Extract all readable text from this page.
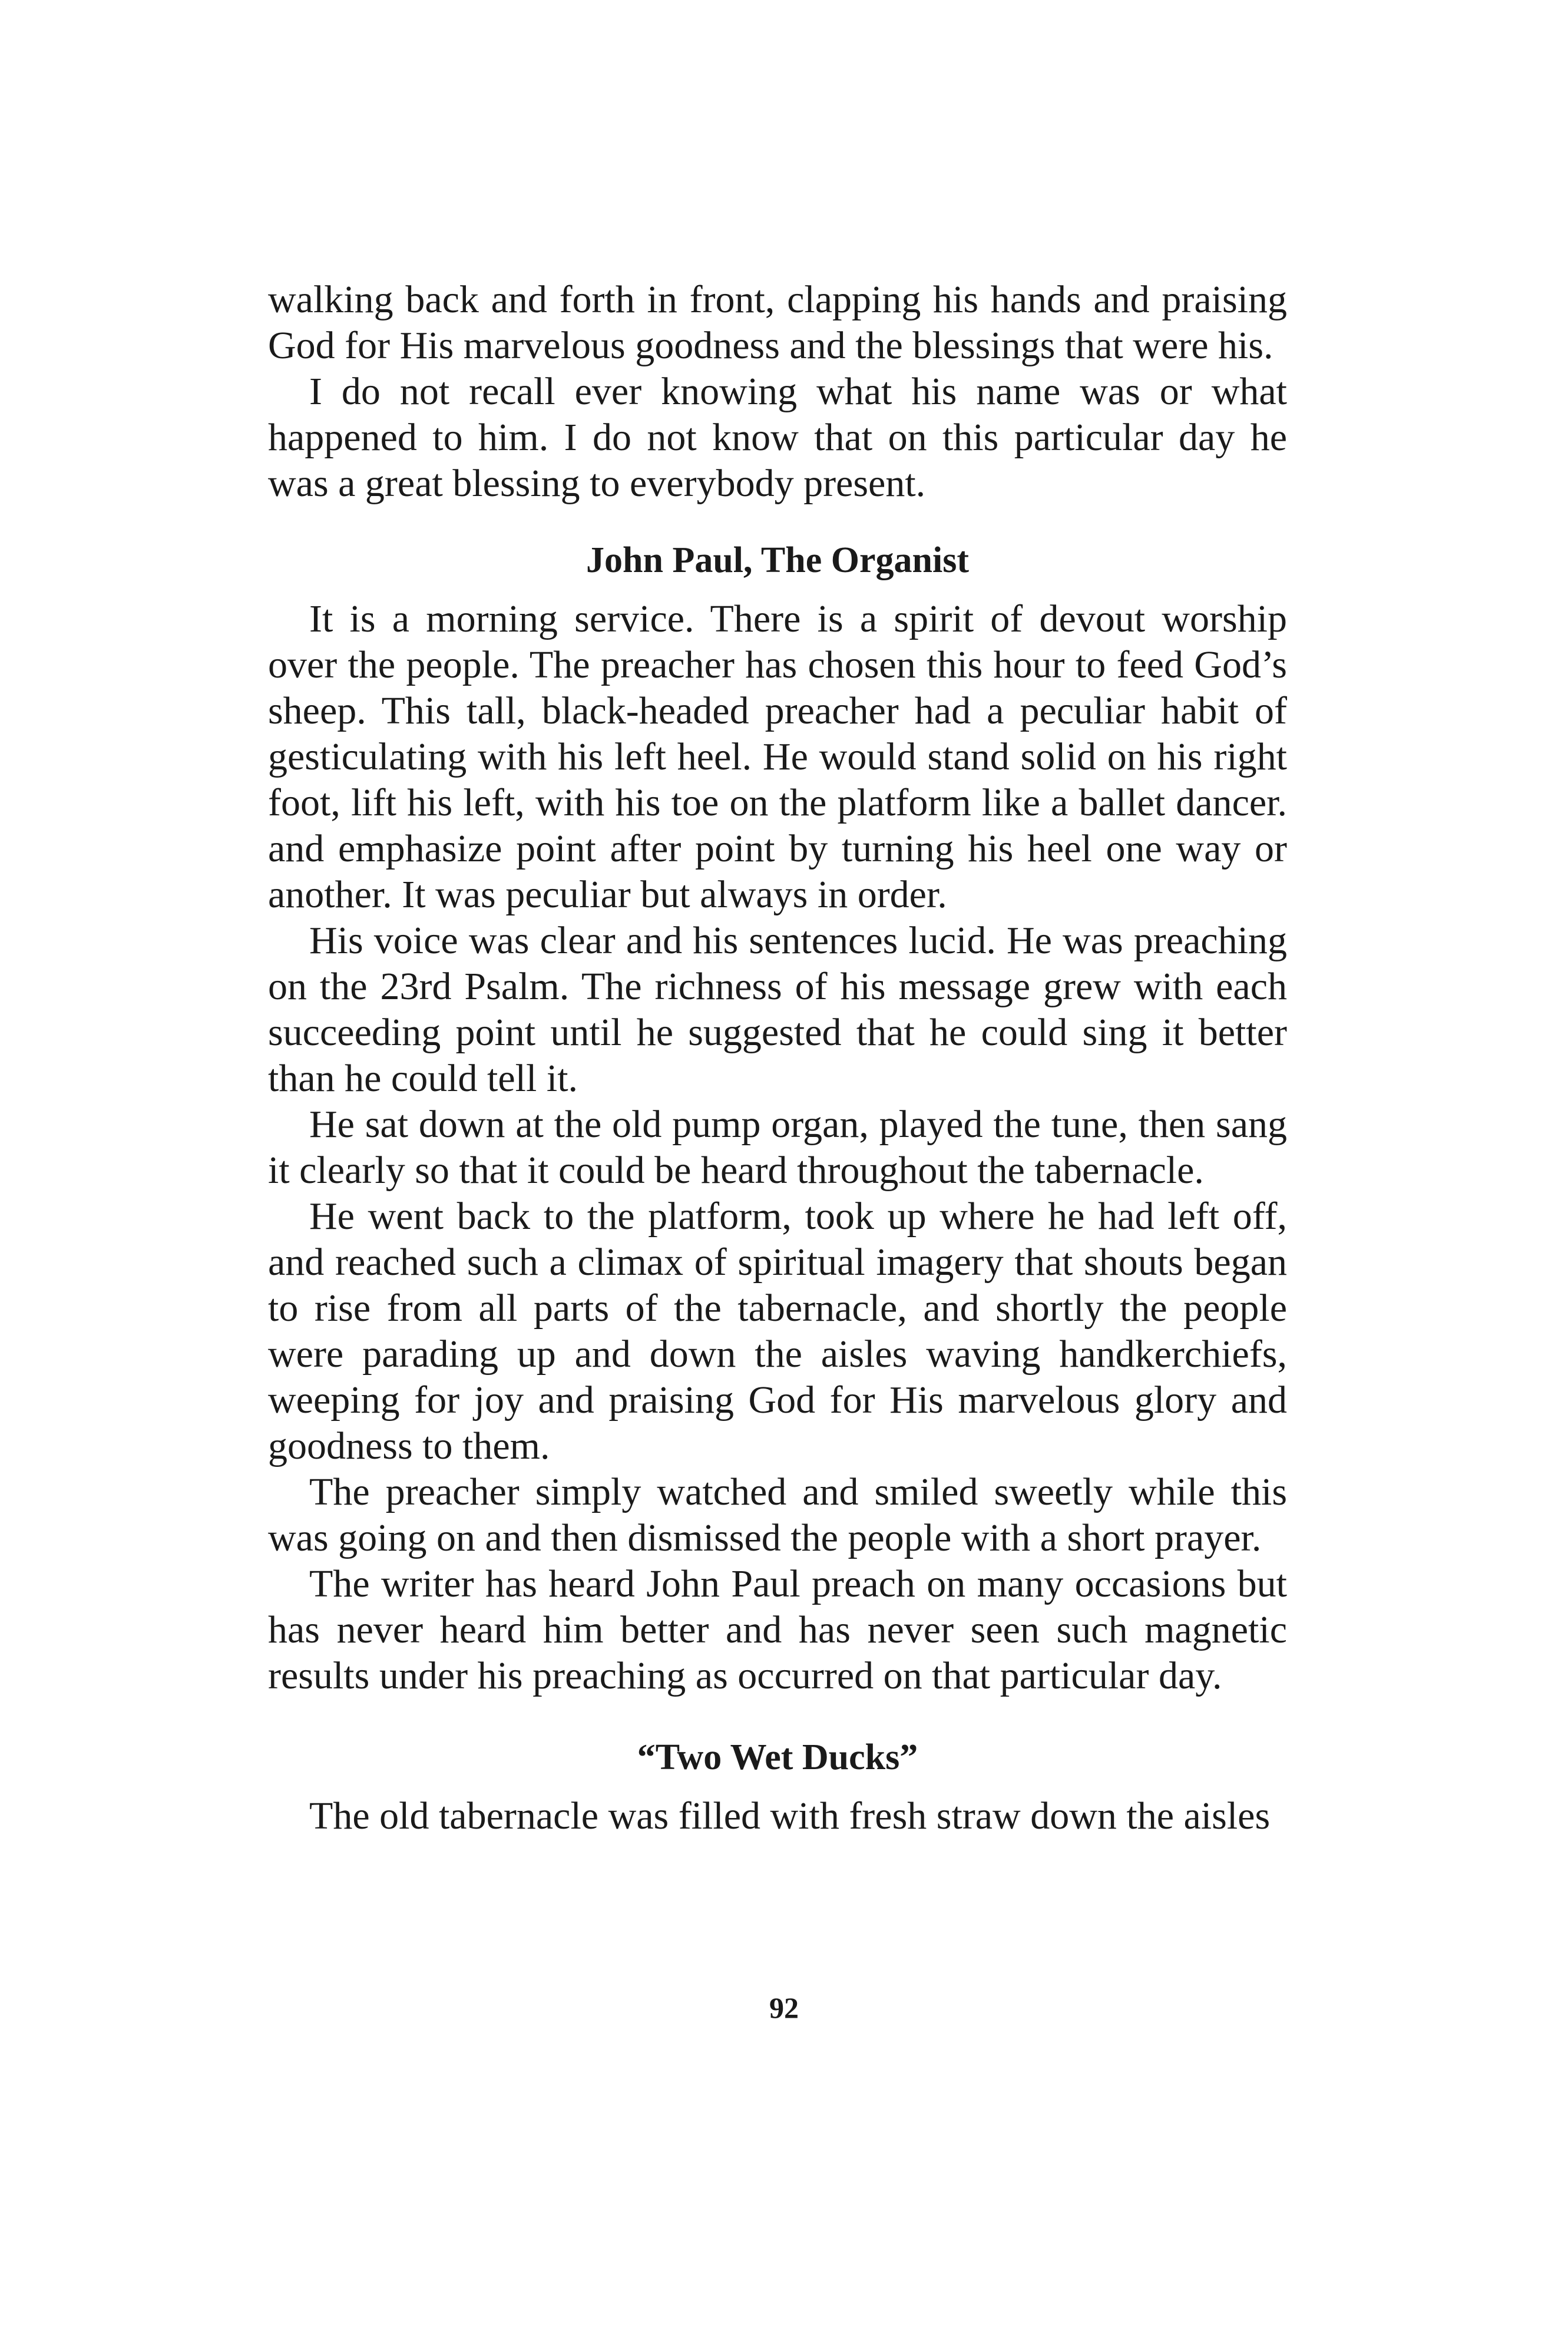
walking back and forth in front, clapping his hands and praising God for His marvelous goodness and the blessings that were his.

I do not recall ever knowing what his name was or what happened to him. I do not know that on this particular day he was a great blessing to everybody present.

John Paul, The Organist

It is a morning service. There is a spirit of devout worship over the people. The preacher has chosen this hour to feed God’s sheep. This tall, black-headed preacher had a peculiar habit of gesticulating with his left heel. He would stand solid on his right foot, lift his left, with his toe on the platform like a ballet dancer. and emphasize point after point by turning his heel one way or another. It was peculiar but always in order.

His voice was clear and his sentences lucid. He was preaching on the 23rd Psalm. The richness of his message grew with each succeeding point until he suggested that he could sing it better than he could tell it.

He sat down at the old pump organ, played the tune, then sang it clearly so that it could be heard throughout the tabernacle.

He went back to the platform, took up where he had left off, and reached such a climax of spiritual imagery that shouts began to rise from all parts of the tabernacle, and shortly the people were parading up and down the aisles waving handkerchiefs, weeping for joy and praising God for His marvelous glory and goodness to them.

The preacher simply watched and smiled sweetly while this was going on and then dismissed the people with a short prayer.

The writer has heard John Paul preach on many occasions but has never heard him better and has never seen such magnetic results under his preaching as occurred on that particular day.

“Two Wet Ducks”

The old tabernacle was filled with fresh straw down the aisles

92
